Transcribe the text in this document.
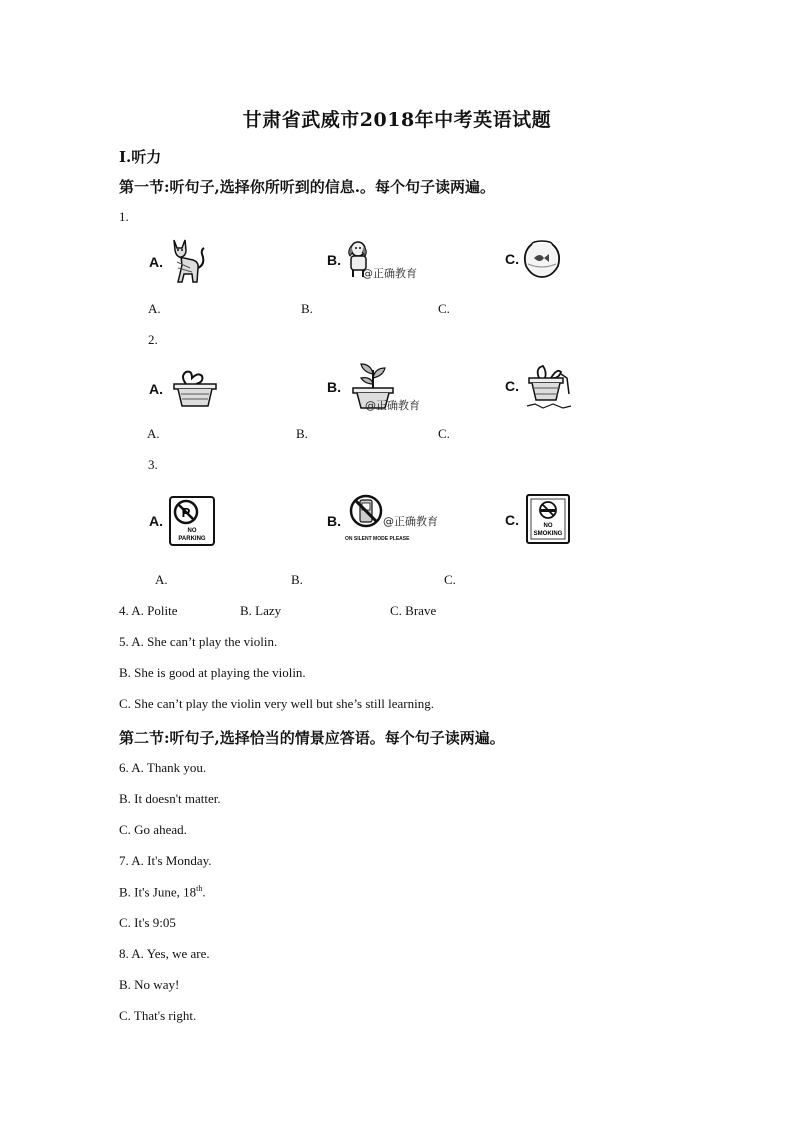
甘肃省武威市2018年中考英语试题
I.听力
第一节:听句子,选择你所听到的信息.。每个句子读两遍。
1.
A.	B.
@正确教育
C.
A.	B.	C.
2.
A.	B.
@正确教育
C.
A.	B.	C.
3.
A.
P
NO
PARKING
B.
ON SILENT MODE PLEASE
@正确教育	C.	NO
SMOKING
A.	B.	C.
4. A. Polite	B. Lazy	C. Brave
5. A. She can’t play the violin.
B. She is good at playing the violin.
C. She can’t play the violin very well but she’s still learning.
第二节:听句子,选择恰当的情景应答语。每个句子读两遍。
6. A. Thank you.
B. It doesn't matter.
C. Go ahead.
7. A. It's Monday.
B. It's June, 18th.
C. It's 9:05
8. A. Yes, we are.
B. No way!
C. That's right.
